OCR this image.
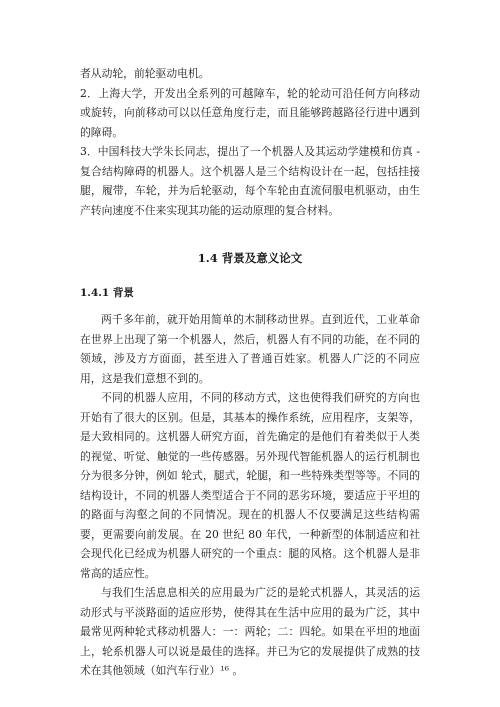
者从动轮，前轮驱动电机。

2．上海大学，开发出全系列的可越障车，轮的轮动可沿任何方向移动或旋转，向前移动可以以任意角度行走，而且能够跨越路径行进中遇到的障碍。

3．中国科技大学朱长同志，提出了一个机器人及其运动学建模和仿真 - 复合结构障碍的机器人。这个机器人是三个结构设计在一起，包括挂接腿，履带，车轮，并为后轮驱动，每个车轮由直流伺服电机驱动，由生产转向速度不住来实现其功能的运动原理的复合材料。

1.4 背景及意义论文
1.4.1 背景

两千多年前，就开始用简单的木制移动世界。直到近代，工业革命在世界上出现了第一个机器人，然后，机器人有不同的功能，在不同的领域，涉及方方面面，甚至进入了普通百姓家。机器人广泛的不同应用，这是我们意想不到的。

不同的机器人应用，不同的移动方式，这也使得我们研究的方向也开始有了很大的区别。但是，其基本的操作系统，应用程序，支架等，是大致相同的。这机器人研究方面，首先确定的是他们有着类似于人类的视觉、听觉、触觉的一些传感器。另外现代智能机器人的运行机制也分为很多分钟，例如 轮式，腿式，轮腿，和一些特殊类型等等。不同的结构设计，不同的机器人类型适合于不同的恶劣环境，要适应于平坦的的路面与沟壑之间的不同情况。现在的机器人不仅要满足这些结构需要，更需要向前发展。在 20 世纪 80 年代，一种新型的体制适应和社会现代化已经成为机器人研究的一个重点：腿的风格。这个机器人是非常高的适应性。

与我们生活息息相关的应用最为广泛的是轮式机器人，其灵活的运动形式与平淡路面的适应形势，使得其在生活中应用的最为广泛，其中最常见两种轮式移动机器人：一：两轮；二：四轮。如果在平坦的地面上，轮系机器人可以说是最佳的选择。并已为它的发展提供了成熟的技术在其他领域（如汽车行业）¹⁶ 。
